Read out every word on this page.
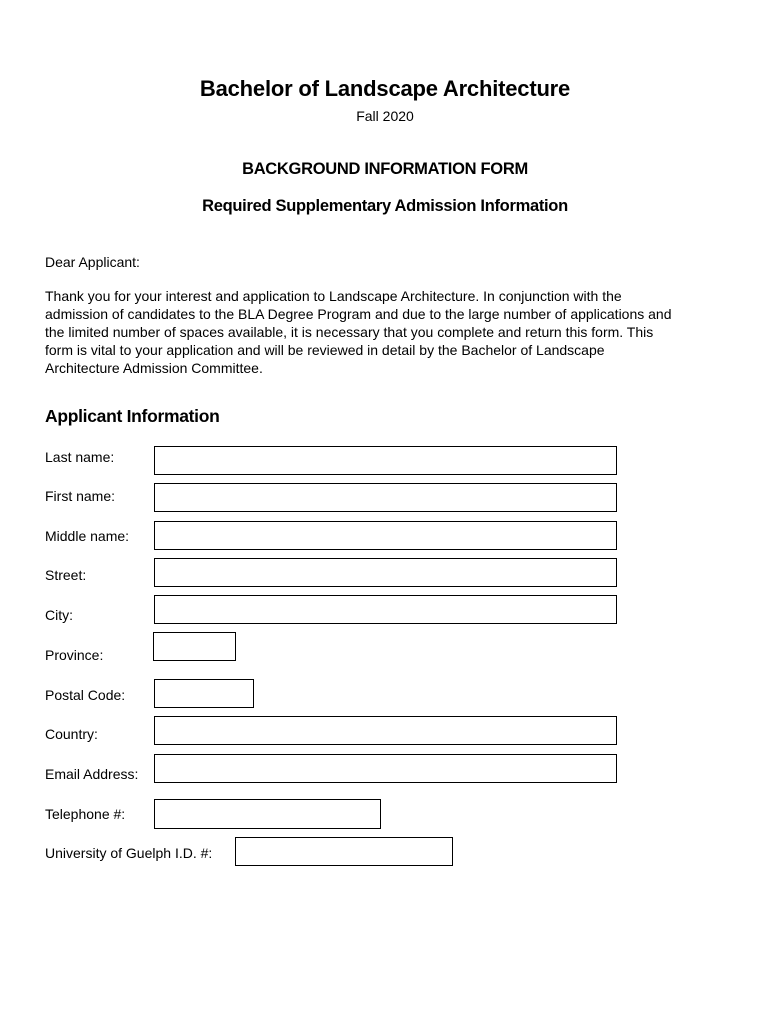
Bachelor of Landscape Architecture
Fall 2020
BACKGROUND INFORMATION FORM
Required Supplementary Admission Information
Dear Applicant:
Thank you for your interest and application to Landscape Architecture. In conjunction with the
admission of candidates to the BLA Degree Program and due to the large number of applications and
the limited number of spaces available, it is necessary that you complete and return this form. This
form is vital to your application and will be reviewed in detail by the Bachelor of Landscape
Architecture Admission Committee.
Applicant Information
Last name:
First name:
Middle name:
Street:
City:
Province:
Postal Code:
Country:
Email Address:
Telephone #:
University of Guelph I.D. #:
